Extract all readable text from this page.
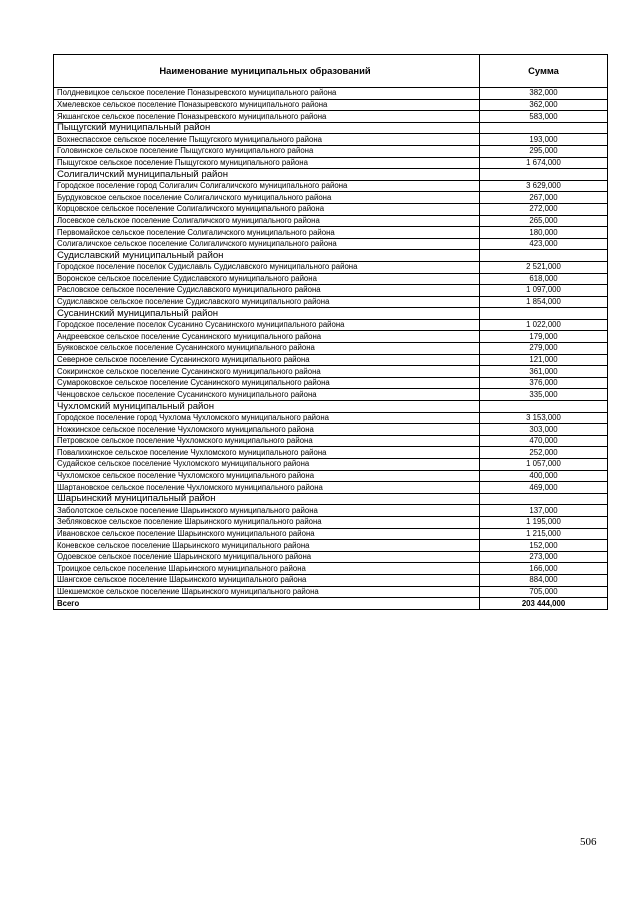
Наименование муниципальных образований	Сумма
Полдневицкое сельское поселение Поназыревского муниципального района	382,000
Хмелевское сельское поселение Поназыревского муниципального района	362,000
Якшангское сельское поселение Поназыревского муниципального района	583,000
Пыщугский муниципальный район	
Вохнеспасское сельское поселение Пыщугского муниципального района	193,000
Головинское сельское поселение Пыщугского муниципального района	295,000
Пыщугское сельское поселение Пыщугского муниципального района	1 674,000
Солигаличский муниципальный район	
Городское поселение город Солигалич Солигаличского муниципального района	3 629,000
Бурдуковское сельское поселение Солигаличского муниципального района	267,000
Корцовское сельское поселение Солигаличского муниципального района	272,000
Лосевское сельское поселение Солигаличского муниципального района	265,000
Первомайское сельское поселение Солигаличского муниципального района	180,000
Солигаличское сельское поселение Солигаличского муниципального района	423,000
Судиславский муниципальный район	
Городское поселение поселок Судиславль Судиславского муниципального района	2 521,000
Воронское сельское поселение Судиславского муниципального района	618,000
Расловское сельское поселение Судиславского муниципального района	1 097,000
Судиславское сельское поселение Судиславского муниципального района	1 854,000
Сусанинский муниципальный район	
Городское поселение поселок Сусанино Сусанинского муниципального района	1 022,000
Андреевское сельское поселение Сусанинского муниципального района	179,000
Буяковское сельское поселение Сусанинского муниципального района	279,000
Северное сельское поселение Сусанинского муниципального района	121,000
Сокиринское сельское поселение Сусанинского муниципального района	361,000
Сумароковское сельское поселение Сусанинского муниципального района	376,000
Ченцовское сельское поселение Сусанинского муниципального района	335,000
Чухломский муниципальный район	
Городское поселение город Чухлома Чухломского муниципального района	3 153,000
Ножкинское сельское поселение Чухломского муниципального района	303,000
Петровское сельское поселение Чухломского муниципального района	470,000
Повалихинское сельское поселение Чухломского муниципального района	252,000
Судайское сельское поселение Чухломского муниципального района	1 057,000
Чухломское сельское поселение Чухломского муниципального района	400,000
Шартановское сельское поселение Чухломского муниципального района	469,000
Шарьинский муниципальный район	
Заболотское сельское поселение Шарьинского муниципального района	137,000
Зебляковское сельское поселение Шарьинского муниципального района	1 195,000
Ивановское сельское поселение Шарьинского муниципального района	1 215,000
Коневское сельское поселение Шарьинского муниципального района	152,000
Одоевское сельское поселение Шарьинского муниципального района	273,000
Троицкое сельское поселение Шарьинского муниципального района	166,000
Шангское сельское поселение Шарьинского муниципального района	884,000
Шекшемское сельское поселение Шарьинского муниципального района	705,000
Всего	203 444,000
506
